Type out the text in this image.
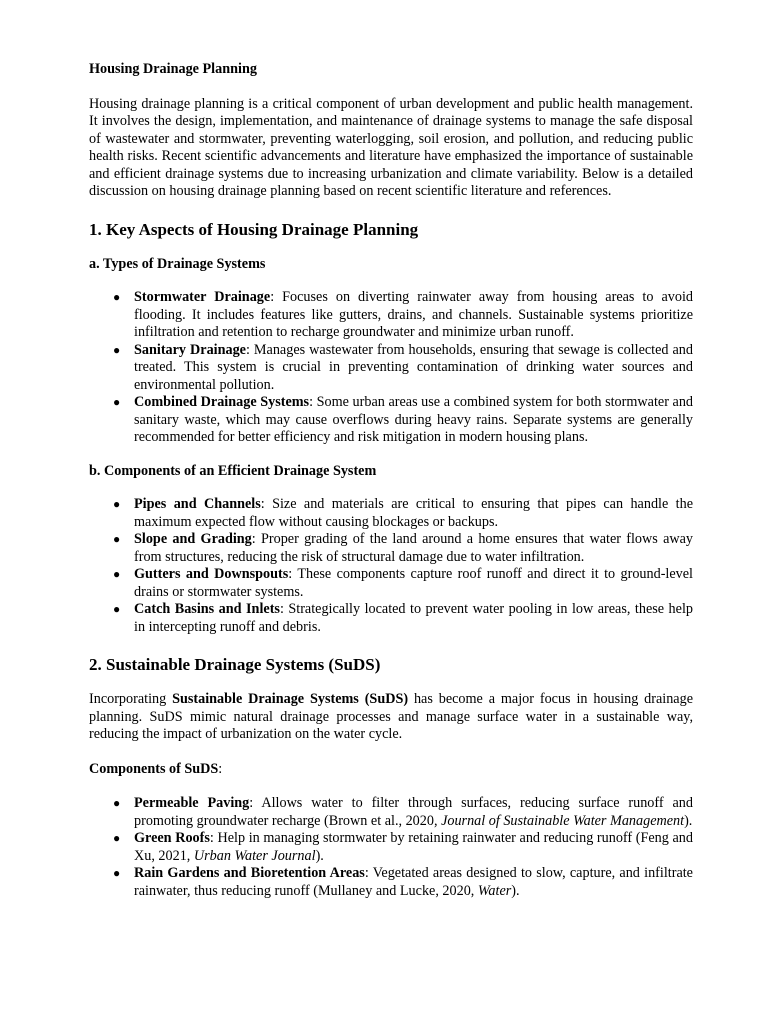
Housing Drainage Planning

Housing drainage planning is a critical component of urban development and public health management. It involves the design, implementation, and maintenance of drainage systems to manage the safe disposal of wastewater and stormwater, preventing waterlogging, soil erosion, and pollution, and reducing public health risks. Recent scientific advancements and literature have emphasized the importance of sustainable and efficient drainage systems due to increasing urbanization and climate variability. Below is a detailed discussion on housing drainage planning based on recent scientific literature and references.

1. Key Aspects of Housing Drainage Planning
a. Types of Drainage Systems
● Stormwater Drainage: Focuses on diverting rainwater away from housing areas to avoid flooding. It includes features like gutters, drains, and channels. Sustainable systems prioritize infiltration and retention to recharge groundwater and minimize urban runoff.
● Sanitary Drainage: Manages wastewater from households, ensuring that sewage is collected and treated. This system is crucial in preventing contamination of drinking water sources and environmental pollution.
● Combined Drainage Systems: Some urban areas use a combined system for both stormwater and sanitary waste, which may cause overflows during heavy rains. Separate systems are generally recommended for better efficiency and risk mitigation in modern housing plans.
b. Components of an Efficient Drainage System
● Pipes and Channels: Size and materials are critical to ensuring that pipes can handle the maximum expected flow without causing blockages or backups.
● Slope and Grading: Proper grading of the land around a home ensures that water flows away from structures, reducing the risk of structural damage due to water infiltration.
● Gutters and Downspouts: These components capture roof runoff and direct it to ground-level drains or stormwater systems.
● Catch Basins and Inlets: Strategically located to prevent water pooling in low areas, these help in intercepting runoff and debris.
2. Sustainable Drainage Systems (SuDS)

Incorporating Sustainable Drainage Systems (SuDS) has become a major focus in housing drainage planning. SuDS mimic natural drainage processes and manage surface water in a sustainable way, reducing the impact of urbanization on the water cycle.

Components of SuDS:
● Permeable Paving: Allows water to filter through surfaces, reducing surface runoff and promoting groundwater recharge (Brown et al., 2020, Journal of Sustainable Water Management).
● Green Roofs: Help in managing stormwater by retaining rainwater and reducing runoff (Feng and Xu, 2021, Urban Water Journal).
● Rain Gardens and Bioretention Areas: Vegetated areas designed to slow, capture, and infiltrate rainwater, thus reducing runoff (Mullaney and Lucke, 2020, Water).
